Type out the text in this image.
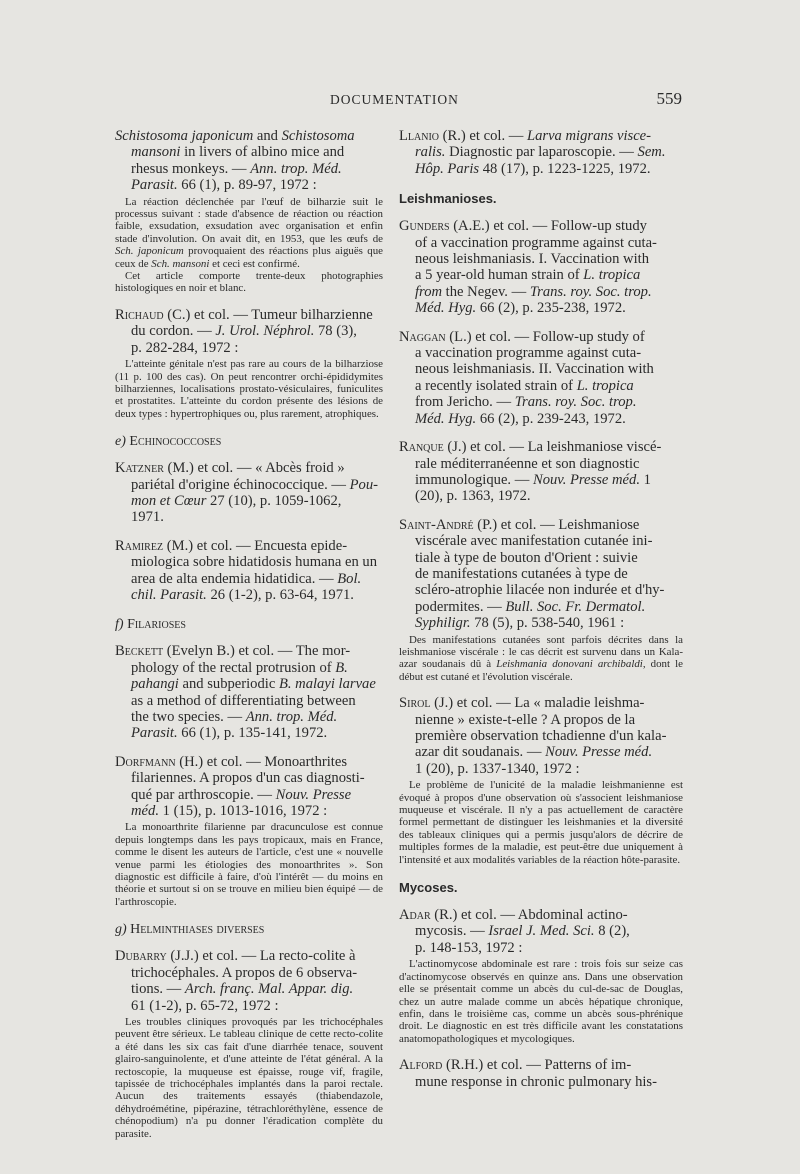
DOCUMENTATION	559
Schistosoma japonicum and Schistosoma
mansoni in livers of albino mice and
rhesus monkeys. — Ann. trop. Méd.
Parasit. 66 (1), p. 89-97, 1972 :

La réaction déclenchée par l'œuf de bilharzie suit le processus suivant : stade d'absence de réaction ou réaction faible, exsudation, exsudation avec organisation et enfin stade d'involution. On avait dit, en 1953, que les œufs de Sch. japonicum provoquaient des réactions plus aiguës que ceux de Sch. mansoni et ceci est confirmé.

Cet article comporte trente-deux photographies histologiques en noir et blanc.

Richaud (C.) et col. — Tumeur bilharzienne
du cordon. — J. Urol. Néphrol. 78 (3),
p. 282-284, 1972 :
L'atteinte génitale n'est pas rare au cours de la bilharziose (11 p. 100 des cas). On peut rencontrer orchi-épididymites bilharziennes, localisations prostato-vésiculaires, funiculites et prostatites. L'atteinte du cordon présente des lésions de deux types : hypertrophiques ou, plus rarement, atrophiques.
e) Echinococcoses
Katzner (M.) et col. — « Abcès froid »
pariétal d'origine échinococcique. — Pou-
mon et Cœur 27 (10), p. 1059-1062,
1971.
Ramirez (M.) et col. — Encuesta epide-
miologica sobre hidatidosis humana en un
area de alta endemia hidatidica. — Bol.
chil. Parasit. 26 (1-2), p. 63-64, 1971.
f) Filarioses
Beckett (Evelyn B.) et col. — The mor-
phology of the rectal protrusion of B.
pahangi and subperiodic B. malayi larvae
as a method of differentiating between
the two species. — Ann. trop. Méd.
Parasit. 66 (1), p. 135-141, 1972.
Dorfmann (H.) et col. — Monoarthrites
filariennes. A propos d'un cas diagnosti-
qué par arthroscopie. — Nouv. Presse
méd. 1 (15), p. 1013-1016, 1972 :
La monoarthrite filarienne par dracunculose est connue depuis longtemps dans les pays tropicaux, mais en France, comme le disent les auteurs de l'article, c'est une « nouvelle venue parmi les étiologies des monoarthrites ». Son diagnostic est difficile à faire, d'où l'intérêt — du moins en théorie et surtout si on se trouve en milieu bien équipé — de l'arthroscopie.
g) Helminthiases diverses
Dubarry (J.J.) et col. — La recto-colite à
trichocéphales. A propos de 6 observa-
tions. — Arch. franç. Mal. Appar. dig.
61 (1-2), p. 65-72, 1972 :
Les troubles cliniques provoqués par les trichocéphales peuvent être sérieux. Le tableau clinique de cette recto-colite a été dans les six cas fait d'une diarrhée tenace, souvent glairo-sanguinolente, et d'une atteinte de l'état général. A la rectoscopie, la muqueuse est épaisse, rouge vif, fragile, tapissée de trichocéphales implantés dans la paroi rectale. Aucun des traitements essayés (thiabendazole, déhydroémétine, pipérazine, tétrachloréthylène, essence de chénopodium) n'a pu donner l'éradication complète du parasite.
Llanio (R.) et col. — Larva migrans visce-
ralis. Diagnostic par laparoscopie. — Sem.
Hôp. Paris 48 (17), p. 1223-1225, 1972.
Leishmanioses.
Gunders (A.E.) et col. — Follow-up study
of a vaccination programme against cuta-
neous leishmaniasis. I. Vaccination with
a 5 year-old human strain of L. tropica
from the Negev. — Trans. roy. Soc. trop.
Méd. Hyg. 66 (2), p. 235-238, 1972.
Naggan (L.) et col. — Follow-up study of
a vaccination programme against cuta-
neous leishmaniasis. II. Vaccination with
a recently isolated strain of L. tropica
from Jericho. — Trans. roy. Soc. trop.
Méd. Hyg. 66 (2), p. 239-243, 1972.
Ranque (J.) et col. — La leishmaniose viscé-
rale méditerranéenne et son diagnostic
immunologique. — Nouv. Presse méd. 1
(20), p. 1363, 1972.
Saint-André (P.) et col. — Leishmaniose
viscérale avec manifestation cutanée ini-
tiale à type de bouton d'Orient : suivie
de manifestations cutanées à type de
scléro-atrophie lilacée non indurée et d'hy-
podermites. — Bull. Soc. Fr. Dermatol.
Syphiligr. 78 (5), p. 538-540, 1961 :
Des manifestations cutanées sont parfois décrites dans la leishmaniose viscérale : le cas décrit est survenu dans un Kala-azar soudanais dû à Leishmania donovani archibaldi, dont le début est cutané et l'évolution viscérale.
Sirol (J.) et col. — La « maladie leishma-
nienne » existe-t-elle ? A propos de la
première observation tchadienne d'un kala-
azar dit soudanais. — Nouv. Presse méd.
1 (20), p. 1337-1340, 1972 :
Le problème de l'unicité de la maladie leishmanienne est évoqué à propos d'une observation où s'associent leishmaniose muqueuse et viscérale. Il n'y a pas actuellement de caractère formel permettant de distinguer les leishmanies et la diversité des tableaux cliniques qui a permis jusqu'alors de décrire de multiples formes de la maladie, est peut-être due uniquement à l'intensité et aux modalités variables de la réaction hôte-parasite.
Mycoses.
Adar (R.) et col. — Abdominal actino-
mycosis. — Israel J. Med. Sci. 8 (2),
p. 148-153, 1972 :
L'actinomycose abdominale est rare : trois fois sur seize cas d'actinomycose observés en quinze ans. Dans une observation elle se présentait comme un abcès du cul-de-sac de Douglas, chez un autre malade comme un abcès hépatique chronique, enfin, dans le troisième cas, comme un abcès sous-phrénique droit. Le diagnostic en est très difficile avant les constatations anatomopathologiques et mycologiques.
Alford (R.H.) et col. — Patterns of im-
mune response in chronic pulmonary his-
